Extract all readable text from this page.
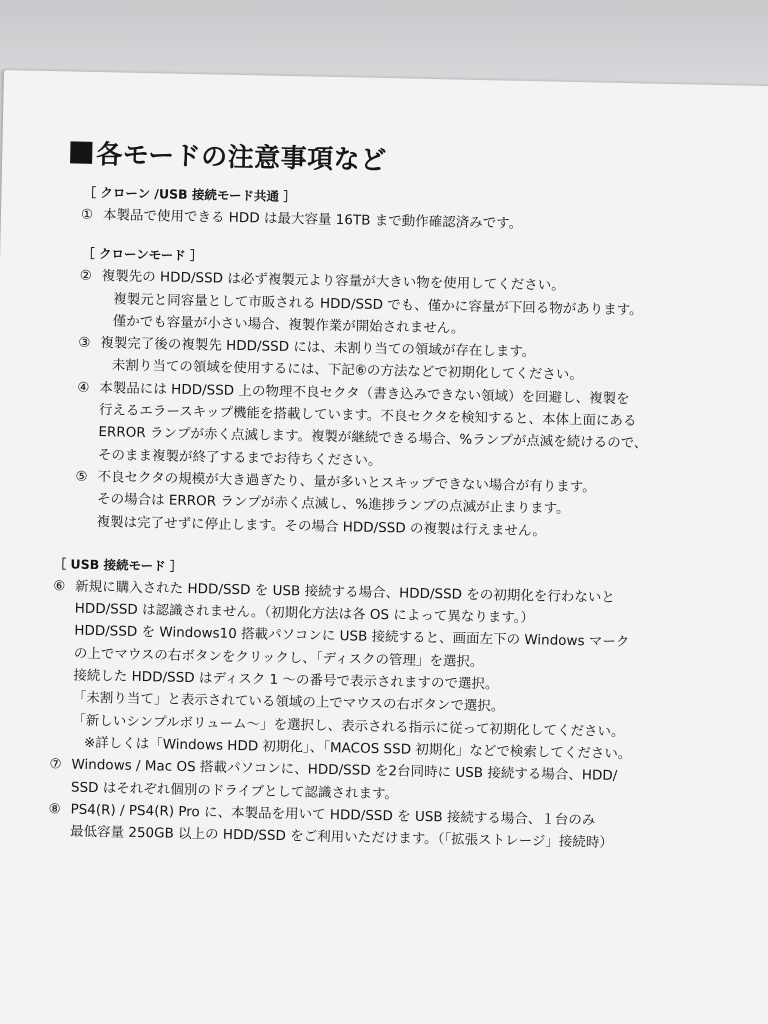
各モードの注意事項など
［ クローン /USB 接続モード共通 ］
① 本製品で使用できる HDD は最大容量 16TB まで動作確認済みです。
［ クローンモード ］
② 複製先の HDD/SSD は必ず複製元より容量が大きい物を使用してください。
複製元と同容量として市販される HDD/SSD でも、僅かに容量が下回る物があります。
僅かでも容量が小さい場合、複製作業が開始されません。
③ 複製完了後の複製先 HDD/SSD には、未割り当ての領域が存在します。
未割り当ての領域を使用するには、下記⑥の方法などで初期化してください。
④ 本製品には HDD/SSD 上の物理不良セクタ（書き込みできない領域）を回避し、複製を
行えるエラースキップ機能を搭載しています。不良セクタを検知すると、本体上面にある
ERROR ランプが赤く点滅します。複製が継続できる場合、%ランプが点滅を続けるので、
そのまま複製が終了するまでお待ちください。
⑤ 不良セクタの規模が大き過ぎたり、量が多いとスキップできない場合が有ります。
その場合は ERROR ランプが赤く点滅し、%進捗ランプの点滅が止まります。
複製は完了せずに停止します。その場合 HDD/SSD の複製は行えません。
［ USB 接続モード ］
⑥ 新規に購入された HDD/SSD を USB 接続する場合、HDD/SSD をの初期化を行わないと
HDD/SSD は認識されません。（初期化方法は各 OS によって異なります。）
HDD/SSD を Windows10 搭載パソコンに USB 接続すると、画面左下の Windows マーク
の上でマウスの右ボタンをクリックし、「ディスクの管理」を選択。
接続した HDD/SSD はディスク 1 ～の番号で表示されますので選択。
「未割り当て」と表示されている領域の上でマウスの右ボタンで選択。
「新しいシンプルボリューム～」を選択し、表示される指示に従って初期化してください。
※詳しくは「Windows HDD 初期化」、「MACOS SSD 初期化」などで検索してください。
⑦ Windows / Mac OS 搭載パソコンに、HDD/SSD を2台同時に USB 接続する場合、HDD/
SSD はそれぞれ個別のドライブとして認識されます。
⑧ PS4(R) / PS4(R) Pro に、本製品を用いて HDD/SSD を USB 接続する場合、１台のみ
最低容量 250GB 以上の HDD/SSD をご利用いただけます。（「拡張ストレージ」接続時）
